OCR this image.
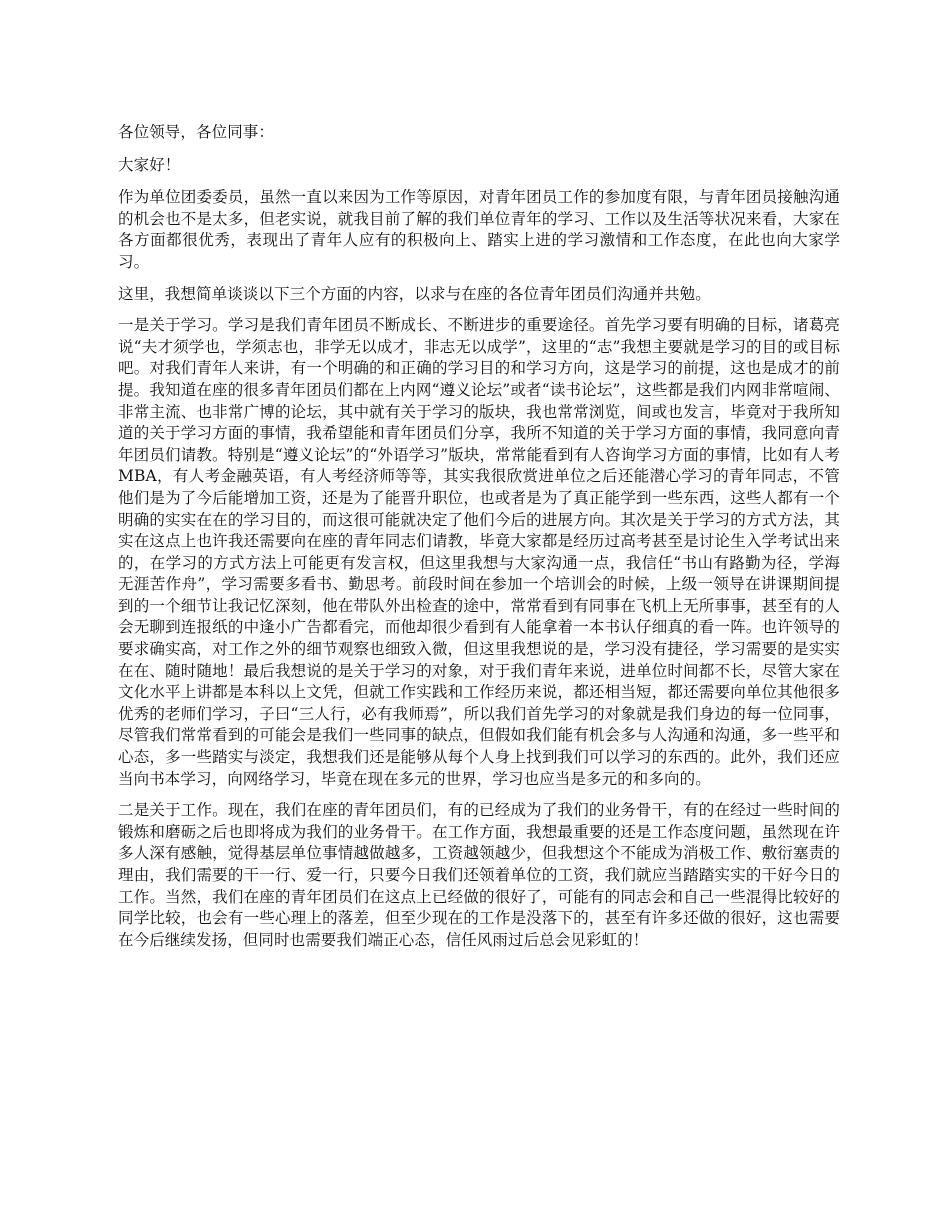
各位领导，各位同事：

大家好！

作为单位团委委员，虽然一直以来因为工作等原因，对青年团员工作的参加度有限，与青年团员接触沟通的机会也不是太多，但老实说，就我目前了解的我们单位青年的学习、工作以及生活等状况来看，大家在各方面都很优秀，表现出了青年人应有的积极向上、踏实上进的学习激情和工作态度，在此也向大家学习。

这里，我想简单谈谈以下三个方面的内容，以求与在座的各位青年团员们沟通并共勉。

一是关于学习。学习是我们青年团员不断成长、不断进步的重要途径。首先学习要有明确的目标，诸葛亮说“夫才须学也，学须志也，非学无以成才，非志无以成学”，这里的“志”我想主要就是学习的目的或目标吧。对我们青年人来讲，有一个明确的和正确的学习目的和学习方向，这是学习的前提，这也是成才的前提。我知道在座的很多青年团员们都在上内网“遵义论坛”或者“读书论坛”，这些都是我们内网非常喧闹、非常主流、也非常广博的论坛，其中就有关于学习的版块，我也常常浏览，间或也发言，毕竟对于我所知道的关于学习方面的事情，我希望能和青年团员们分享，我所不知道的关于学习方面的事情，我同意向青年团员们请教。特别是“遵义论坛”的“外语学习”版块，常常能看到有人咨询学习方面的事情，比如有人考MBA，有人考金融英语，有人考经济师等等，其实我很欣赏进单位之后还能潜心学习的青年同志，不管他们是为了今后能增加工资，还是为了能晋升职位，也或者是为了真正能学到一些东西，这些人都有一个明确的实实在在的学习目的，而这很可能就决定了他们今后的进展方向。其次是关于学习的方式方法，其实在这点上也许我还需要向在座的青年同志们请教，毕竟大家都是经历过高考甚至是讨论生入学考试出来的，在学习的方式方法上可能更有发言权，但这里我想与大家沟通一点，我信任“书山有路勤为径，学海无涯苦作舟”，学习需要多看书、勤思考。前段时间在参加一个培训会的时候，上级一领导在讲课期间提到的一个细节让我记忆深刻，他在带队外出检查的途中，常常看到有同事在飞机上无所事事，甚至有的人会无聊到连报纸的中逢小广告都看完，而他却很少看到有人能拿着一本书认仔细真的看一阵。也许领导的要求确实高，对工作之外的细节观察也细致入微，但这里我想说的是，学习没有捷径，学习需要的是实实在在、随时随地！最后我想说的是关于学习的对象，对于我们青年来说，进单位时间都不长，尽管大家在文化水平上讲都是本科以上文凭，但就工作实践和工作经历来说，都还相当短，都还需要向单位其他很多优秀的老师们学习，子曰“三人行，必有我师焉”，所以我们首先学习的对象就是我们身边的每一位同事，尽管我们常常看到的可能会是我们一些同事的缺点，但假如我们能有机会多与人沟通和沟通，多一些平和心态，多一些踏实与淡定，我想我们还是能够从每个人身上找到我们可以学习的东西的。此外，我们还应当向书本学习，向网络学习，毕竟在现在多元的世界，学习也应当是多元的和多向的。

二是关于工作。现在，我们在座的青年团员们，有的已经成为了我们的业务骨干，有的在经过一些时间的锻炼和磨砺之后也即将成为我们的业务骨干。在工作方面，我想最重要的还是工作态度问题，虽然现在许多人深有感触，觉得基层单位事情越做越多，工资越领越少，但我想这个不能成为消极工作、敷衍塞责的理由，我们需要的干一行、爱一行，只要今日我们还领着单位的工资，我们就应当踏踏实实的干好今日的工作。当然，我们在座的青年团员们在这点上已经做的很好了，可能有的同志会和自己一些混得比较好的同学比较，也会有一些心理上的落差，但至少现在的工作是没落下的，甚至有许多还做的很好，这也需要在今后继续发扬，但同时也需要我们端正心态，信任风雨过后总会见彩虹的！
